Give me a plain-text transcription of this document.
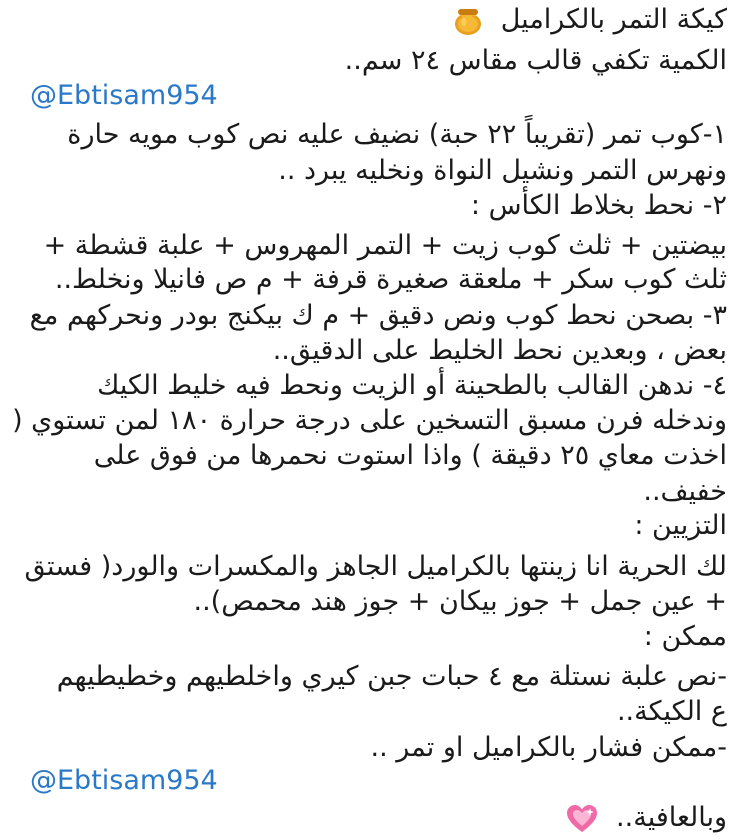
كيكة التمر بالكراميل
الكمية تكفي قالب مقاس ٢٤ سم..
@Ebtisam954
١-كوب تمر (تقريباً ٢٢ حبة) نضيف عليه نص كوب مويه حارة
ونهرس التمر ونشيل النواة ونخليه يبرد ..
٢- نحط بخلاط الكأس :
بيضتين + ثلث كوب زيت + التمر المهروس + علبة قشطة +
ثلث كوب سكر + ملعقة صغيرة قرفة + م ص فانيلا ونخلط..
٣- بصحن نحط كوب ونص دقيق + م ك بيكنج بودر ونحركهم مع
بعض ، وبعدين نحط الخليط على الدقيق..
٤- ندهن القالب بالطحينة أو الزيت ونحط فيه خليط الكيك
وندخله فرن مسبق التسخين على درجة حرارة ١٨٠ لمن تستوي (
اخذت معاي ٢٥ دقيقة ) واذا استوت نحمرها من فوق على
خفيف..
التزيين :
لك الحرية انا زينتها بالكراميل الجاهز والمكسرات والورد( فستق
+ عين جمل + جوز بيكان + جوز هند محمص)..
ممكن :
-نص علبة نستلة مع ٤ حبات جبن كيري واخلطيهم وخطيطيهم
ع الكيكة..
-ممكن فشار بالكراميل او تمر ..
@Ebtisam954
وبالعافية..
